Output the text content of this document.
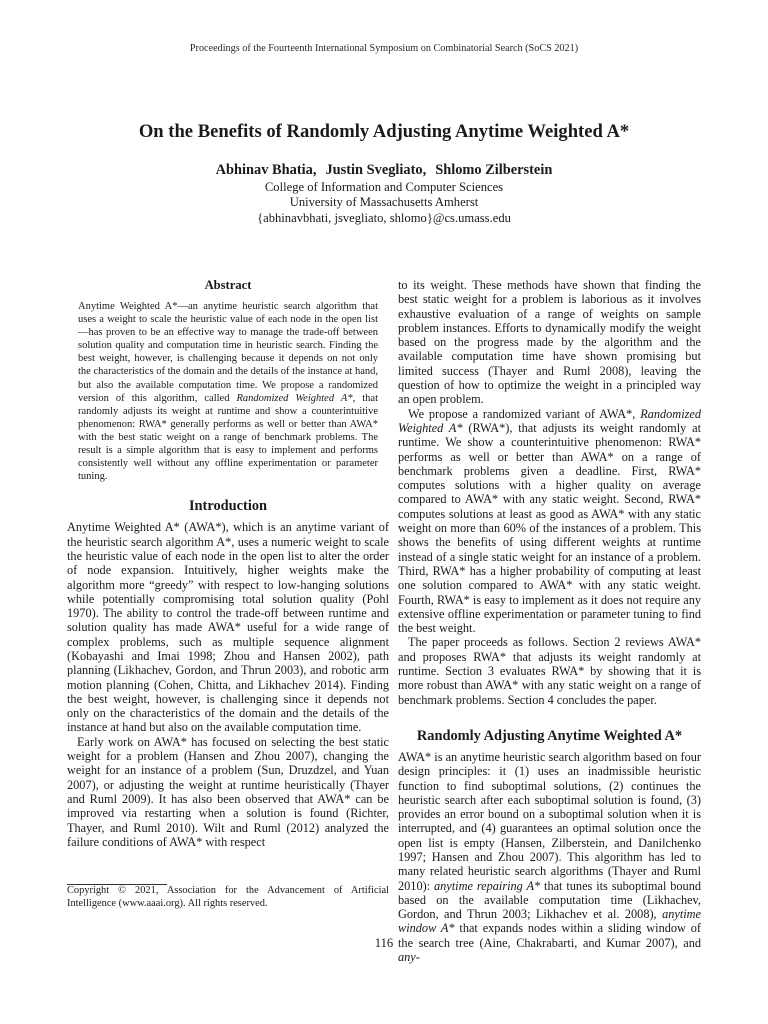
Proceedings of the Fourteenth International Symposium on Combinatorial Search (SoCS 2021)
On the Benefits of Randomly Adjusting Anytime Weighted A*
Abhinav Bhatia, Justin Svegliato, Shlomo Zilberstein
College of Information and Computer Sciences
University of Massachusetts Amherst
{abhinavbhati, jsvegliato, shlomo}@cs.umass.edu
Abstract

Anytime Weighted A*—an anytime heuristic search algorithm that uses a weight to scale the heuristic value of each node in the open list—has proven to be an effective way to manage the trade-off between solution quality and computation time in heuristic search. Finding the best weight, however, is challenging because it depends on not only the characteristics of the domain and the details of the instance at hand, but also the available computation time. We propose a randomized version of this algorithm, called Randomized Weighted A*, that randomly adjusts its weight at runtime and show a counterintuitive phenomenon: RWA* generally performs as well or better than AWA* with the best static weight on a range of benchmark problems. The result is a simple algorithm that is easy to implement and performs consistently well without any offline experimentation or parameter tuning.

Introduction

Anytime Weighted A* (AWA*), which is an anytime variant of the heuristic search algorithm A*, uses a numeric weight to scale the heuristic value of each node in the open list to alter the order of node expansion. Intuitively, higher weights make the algorithm more “greedy” with respect to low-hanging solutions while potentially compromising total solution quality (Pohl 1970). The ability to control the trade-off between runtime and solution quality has made AWA* useful for a wide range of complex problems, such as multiple sequence alignment (Kobayashi and Imai 1998; Zhou and Hansen 2002), path planning (Likhachev, Gordon, and Thrun 2003), and robotic arm motion planning (Cohen, Chitta, and Likhachev 2014). Finding the best weight, however, is challenging since it depends not only on the characteristics of the domain and the details of the instance at hand but also on the available computation time.

Early work on AWA* has focused on selecting the best static weight for a problem (Hansen and Zhou 2007), changing the weight for an instance of a problem (Sun, Druzdzel, and Yuan 2007), or adjusting the weight at runtime heuristically (Thayer and Ruml 2009). It has also been observed that AWA* can be improved via restarting when a solution is found (Richter, Thayer, and Ruml 2010). Wilt and Ruml (2012) analyzed the failure conditions of AWA* with respect

to its weight. These methods have shown that finding the best static weight for a problem is laborious as it involves exhaustive evaluation of a range of weights on sample problem instances. Efforts to dynamically modify the weight based on the progress made by the algorithm and the available computation time have shown promising but limited success (Thayer and Ruml 2008), leaving the question of how to optimize the weight in a principled way an open problem.

We propose a randomized variant of AWA*, Randomized Weighted A* (RWA*), that adjusts its weight randomly at runtime. We show a counterintuitive phenomenon: RWA* performs as well or better than AWA* on a range of benchmark problems given a deadline. First, RWA* computes solutions with a higher quality on average compared to AWA* with any static weight. Second, RWA* computes solutions at least as good as AWA* with any static weight on more than 60% of the instances of a problem. This shows the benefits of using different weights at runtime instead of a single static weight for an instance of a problem. Third, RWA* has a higher probability of computing at least one solution compared to AWA* with any static weight. Fourth, RWA* is easy to implement as it does not require any extensive offline experimentation or parameter tuning to find the best weight.

The paper proceeds as follows. Section 2 reviews AWA* and proposes RWA* that adjusts its weight randomly at runtime. Section 3 evaluates RWA* by showing that it is more robust than AWA* with any static weight on a range of benchmark problems. Section 4 concludes the paper.

Randomly Adjusting Anytime Weighted A*

AWA* is an anytime heuristic search algorithm based on four design principles: it (1) uses an inadmissible heuristic function to find suboptimal solutions, (2) continues the heuristic search after each suboptimal solution is found, (3) provides an error bound on a suboptimal solution when it is interrupted, and (4) guarantees an optimal solution once the open list is empty (Hansen, Zilberstein, and Danilchenko 1997; Hansen and Zhou 2007). This algorithm has led to many related heuristic search algorithms (Thayer and Ruml 2010): anytime repairing A* that tunes its suboptimal bound based on the available computation time (Likhachev, Gordon, and Thrun 2003; Likhachev et al. 2008), anytime window A* that expands nodes within a sliding window of the search tree (Aine, Chakrabarti, and Kumar 2007), and any-

Copyright © 2021, Association for the Advancement of Artificial Intelligence (www.aaai.org). All rights reserved.
116
